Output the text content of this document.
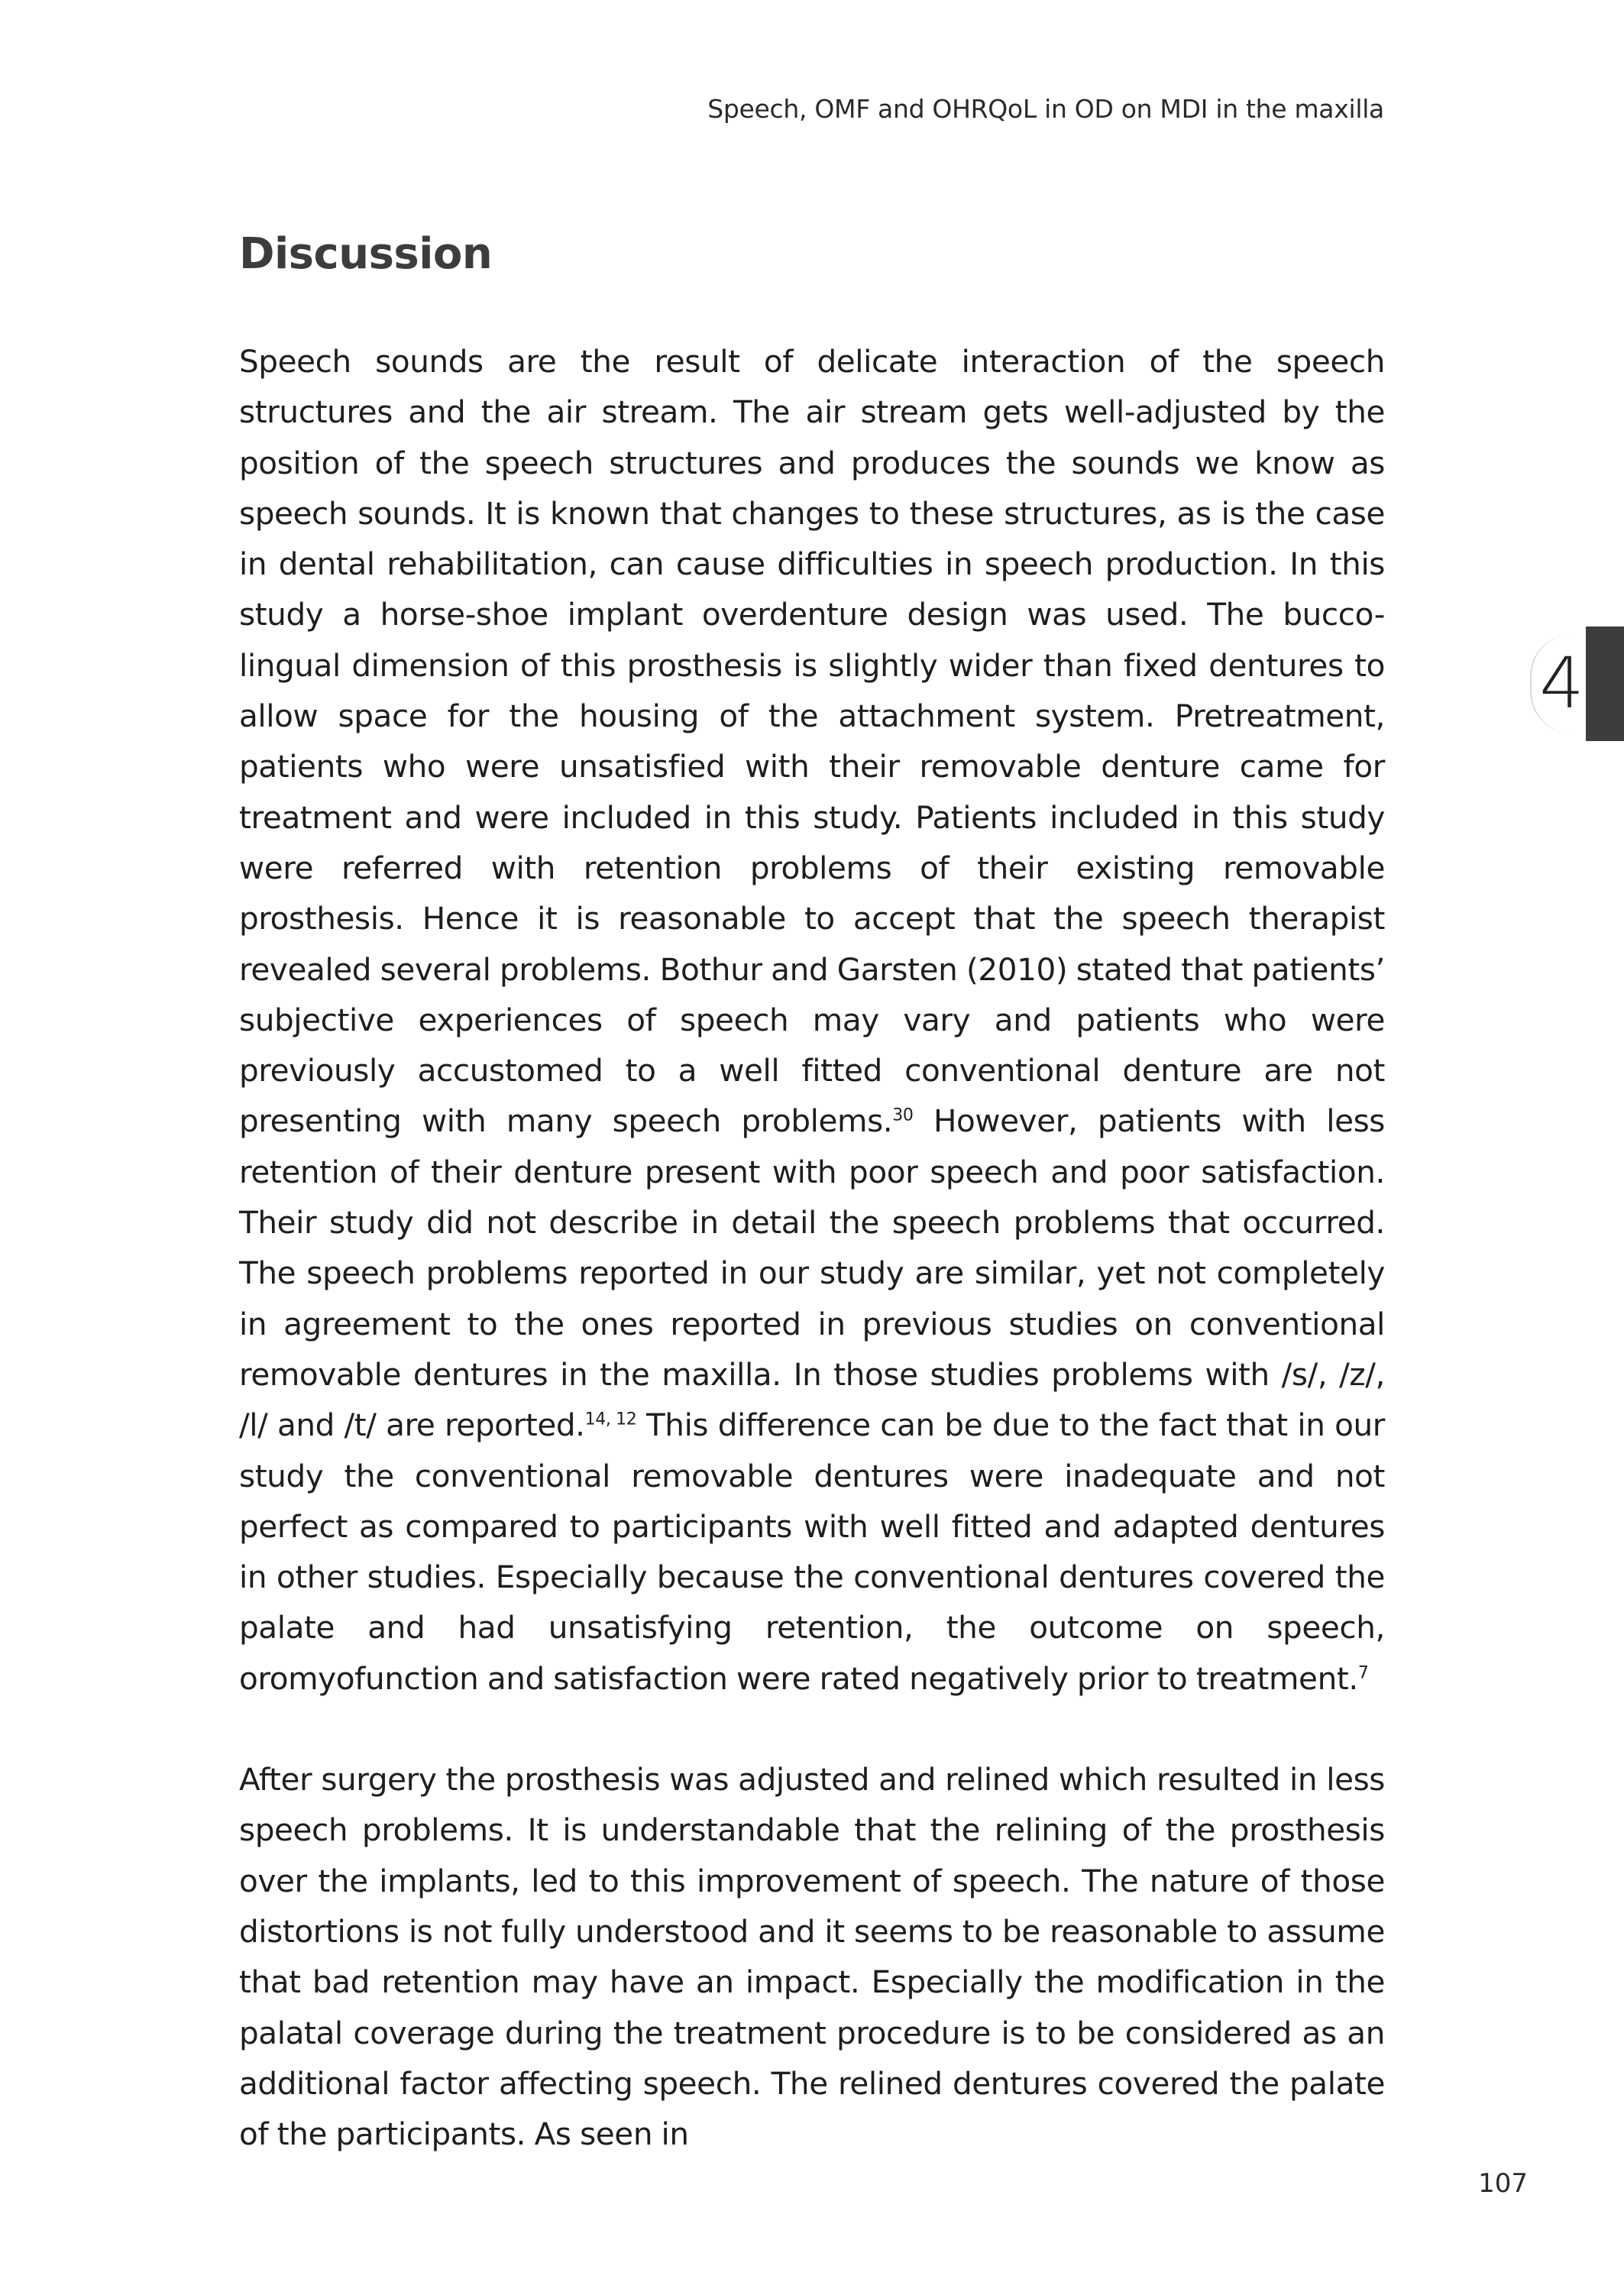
Speech, OMF and OHRQoL in OD on MDI in the maxilla
Discussion

Speech sounds are the result of delicate interaction of the speech structures and the air stream. The air stream gets well-adjusted by the position of the speech structures and produces the sounds we know as speech sounds. It is known that changes to these structures, as is the case in dental rehabilitation, can cause difficulties in speech production. In this study a horse-shoe implant overdenture design was used. The bucco-lingual dimension of this prosthesis is slightly wider than fixed dentures to allow space for the housing of the attachment system. Pretreatment, patients who were unsatisfied with their removable denture came for treatment and were included in this study. Patients included in this study were referred with retention problems of their existing removable prosthesis. Hence it is reasonable to accept that the speech therapist revealed several problems. Bothur and Garsten (2010) stated that patients’ subjective experiences of speech may vary and patients who were previously accustomed to a well fitted conventional denture are not presenting with many speech problems.$^{30}$ However, patients with less retention of their denture present with poor speech and poor satisfaction. Their study did not describe in detail the speech problems that occurred. The speech problems reported in our study are similar, yet not completely in agreement to the ones reported in previous studies on conventional removable dentures in the maxilla. In those studies problems with /s/, /z/, /l/ and /t/ are reported.$^{14, 12}$ This difference can be due to the fact that in our study the conventional removable dentures were inadequate and not perfect as compared to participants with well fitted and adapted dentures in other studies. Especially because the conventional dentures covered the palate and had unsatisfying retention, the outcome on speech, oromyofunction and satisfaction were rated negatively prior to treatment.$^7$

After surgery the prosthesis was adjusted and relined which resulted in less speech problems. It is understandable that the relining of the prosthesis over the implants, led to this improvement of speech. The nature of those distortions is not fully understood and it seems to be reasonable to assume that bad retention may have an impact. Especially the modification in the palatal coverage during the treatment procedure is to be considered as an additional factor affecting speech. The relined dentures covered the palate of the participants. As seen in

4
107
